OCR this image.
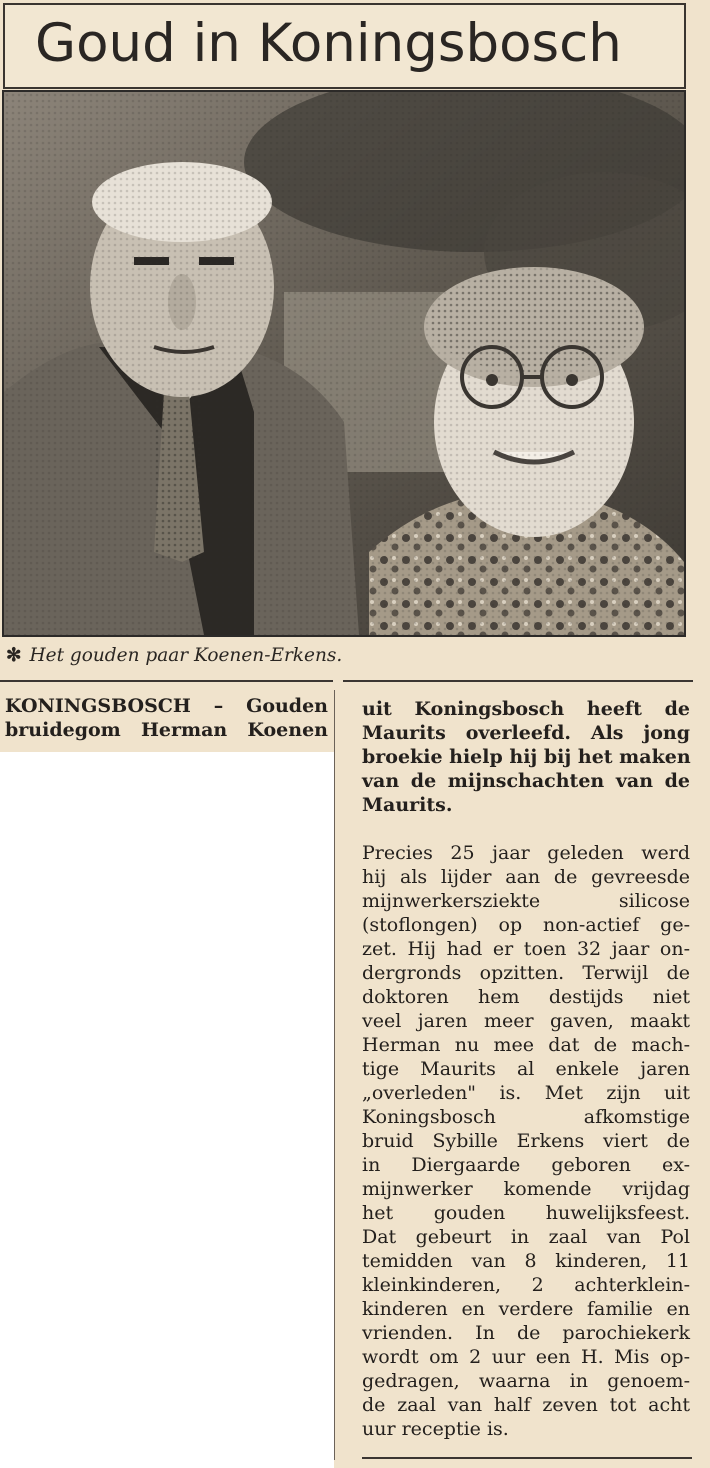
Goud in Koningsbosch
✻ Het gouden paar Koenen-Erkens.
KONINGSBOSCH – Gouden
bruidegom Herman Koenen
uit Koningsbosch heeft de
Maurits overleefd. Als jong
broekie hielp hij bij het maken
van de mijnschachten van de
Maurits.
Precies 25 jaar geleden werd
hij als lijder aan de gevreesde
mijnwerkersziekte silicose
(stoflongen) op non-actief ge-
zet. Hij had er toen 32 jaar on-
dergronds opzitten. Terwijl de
doktoren hem destijds niet
veel jaren meer gaven, maakt
Herman nu mee dat de mach-
tige Maurits al enkele jaren
„overleden" is. Met zijn uit
Koningsbosch afkomstige
bruid Sybille Erkens viert de
in Diergaarde geboren ex-
mijnwerker komende vrijdag
het gouden huwelijksfeest.
Dat gebeurt in zaal van Pol
temidden van 8 kinderen, 11
kleinkinderen, 2 achterklein-
kinderen en verdere familie en
vrienden. In de parochiekerk
wordt om 2 uur een H. Mis op-
gedragen, waarna in genoem-
de zaal van half zeven tot acht
uur receptie is.
